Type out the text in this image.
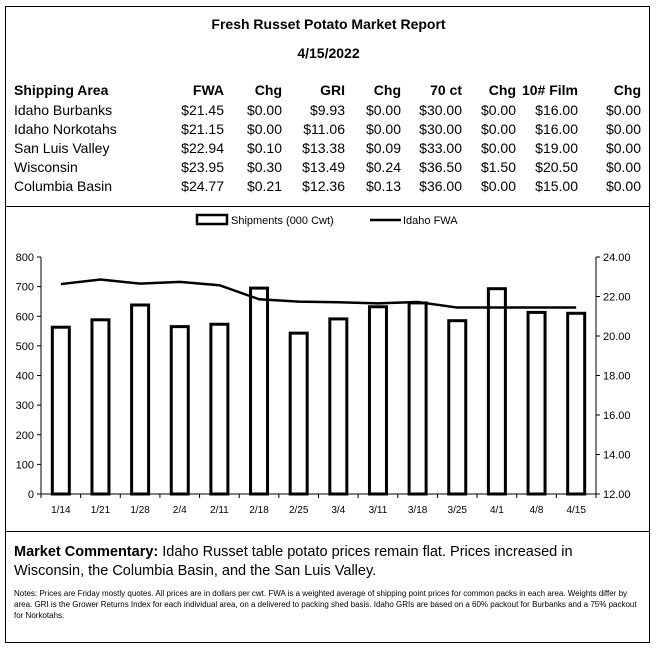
Fresh Russet Potato Market Report
4/15/2022
Shipping Area	FWA	Chg	GRI	Chg	70 ct	Chg	10# Film	Chg
Idaho Burbanks	$21.45	$0.00	$9.93	$0.00	$30.00	$0.00	$16.00	$0.00
Idaho Norkotahs	$21.15	$0.00	$11.06	$0.00	$30.00	$0.00	$16.00	$0.00
San Luis Valley	$22.94	$0.10	$13.38	$0.09	$33.00	$0.00	$19.00	$0.00
Wisconsin	$23.95	$0.30	$13.49	$0.24	$36.50	$1.50	$20.50	$0.00
Columbia Basin	$24.77	$0.21	$12.36	$0.13	$36.00	$0.00	$15.00	$0.00
Shipments (000 Cwt)	Idaho FWA
0
100
200
300
400
500
600
700
800
12.00
14.00
16.00
18.00
20.00
22.00
24.00
1/14 1/21 1/28 2/4 2/11 2/18 2/25 3/4 3/11 3/18 3/25 4/1	4/8 4/15
Market Commentary: Idaho Russet table potato prices remain flat. Prices increased in Wisconsin, the Columbia Basin, and the San Luis Valley.
Notes: Prices are Friday mostly quotes. All prices are in dollars per cwt. FWA is a weighted average of shipping point prices for common packs in each area. Weights differ by area. GRI is the Grower Returns Index for each individual area, on a delivered to packing shed basis. Idaho GRIs are based on a 60% packout for Burbanks and a 75% packout for Norkotahs.
